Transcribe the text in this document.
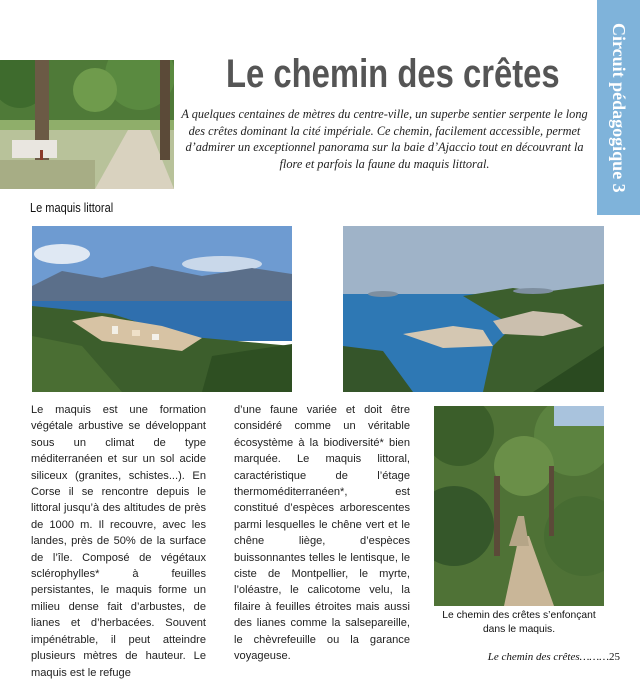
Le chemin des crêtes
A quelques centaines de mètres du centre-ville, un superbe sentier serpente le long des crêtes dominant la cité impériale. Ce chemin, facilement accessible, permet d’admirer un exceptionnel panorama sur la baie d’Ajaccio tout en découvrant la flore et parfois la faune du maquis littoral.	Circuit pédagogique 3
Le maquis littoral
Le maquis est une formation végétale arbustive se développant sous un climat de type méditerranéen et sur un sol acide siliceux (granites, schistes...). En Corse il se rencontre depuis le littoral jusqu’à des altitudes de près de 1000 m. Il recouvre, avec les landes, près de 50% de la surface de l’île. Composé de végétaux sclérophylles* à feuilles persistantes, le maquis forme un milieu dense fait d’arbustes, de lianes et d’herbacées. Souvent impénétrable, il peut atteindre plusieurs mètres de hauteur. Le maquis est le refuge
d’une faune variée et doit être considéré comme un véritable écosystème à la biodiversité* bien marquée. Le maquis littoral, caractéristique de l’étage thermoméditerranéen*, est constitué d’espèces arborescentes parmi lesquelles le chêne vert et le chêne liège, d’espèces buissonnantes telles le lentisque, le ciste de Montpellier, le myrte, l’oléastre, le calicotome velu, la filaire à feuilles étroites mais aussi des lianes comme la salsepareille, le chèvrefeuille ou la garance voyageuse.
Le chemin des crêtes s’enfonçant dans le maquis.
Le chemin des crêtes………25
